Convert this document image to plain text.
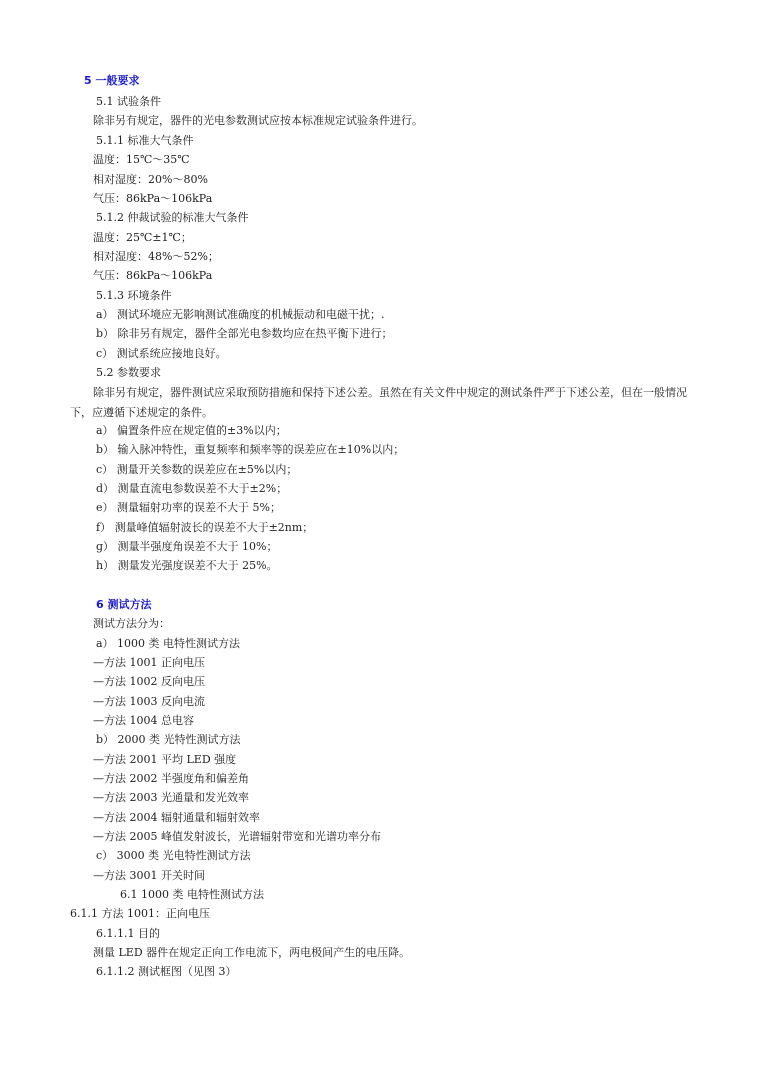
5 一般要求
5.1 试验条件
除非另有规定，器件的光电参数测试应按本标准规定试验条件进行。
5.1.1 标准大气条件
温度：15℃～35℃
相对湿度：20%～80%
气压：86kPa～106kPa
5.1.2 仲裁试验的标准大气条件
温度：25℃±1℃；
相对湿度：48%～52%；
气压：86kPa～106kPa
5.1.3 环境条件
a） 测试环境应无影响测试准确度的机械振动和电磁干扰；.
b） 除非另有规定，器件全部光电参数均应在热平衡下进行；
c） 测试系统应接地良好。
5.2 参数要求
除非另有规定，器件测试应采取预防措施和保持下述公差。虽然在有关文件中规定的测试条件严于下述公差，但在一般情况下，应遵循下述规定的条件。
a） 偏置条件应在规定值的±3%以内；
b） 输入脉冲特性，重复频率和频率等的误差应在±10%以内；
c） 测量开关参数的误差应在±5%以内；
d） 测量直流电参数误差不大于±2%；
e） 测量辐射功率的误差不大于 5%；
f） 测量峰值辐射波长的误差不大于±2nm；
g） 测量半强度角误差不大于 10%；
h） 测量发光强度误差不大于 25%。
6 测试方法
测试方法分为：
a） 1000 类 电特性测试方法
—方法 1001 正向电压
—方法 1002 反向电压
—方法 1003 反向电流
—方法 1004 总电容
b） 2000 类 光特性测试方法
—方法 2001 平均 LED 强度
—方法 2002 半强度角和偏差角
—方法 2003 光通量和发光效率
—方法 2004 辐射通量和辐射效率
—方法 2005 峰值发射波长，光谱辐射带宽和光谱功率分布
c） 3000 类 光电特性测试方法
—方法 3001 开关时间
6.1 1000 类 电特性测试方法
6.1.1 方法 1001：正向电压
6.1.1.1 目的
测量 LED 器件在规定正向工作电流下，两电极间产生的电压降。
6.1.1.2 测试框图（见图 3）
